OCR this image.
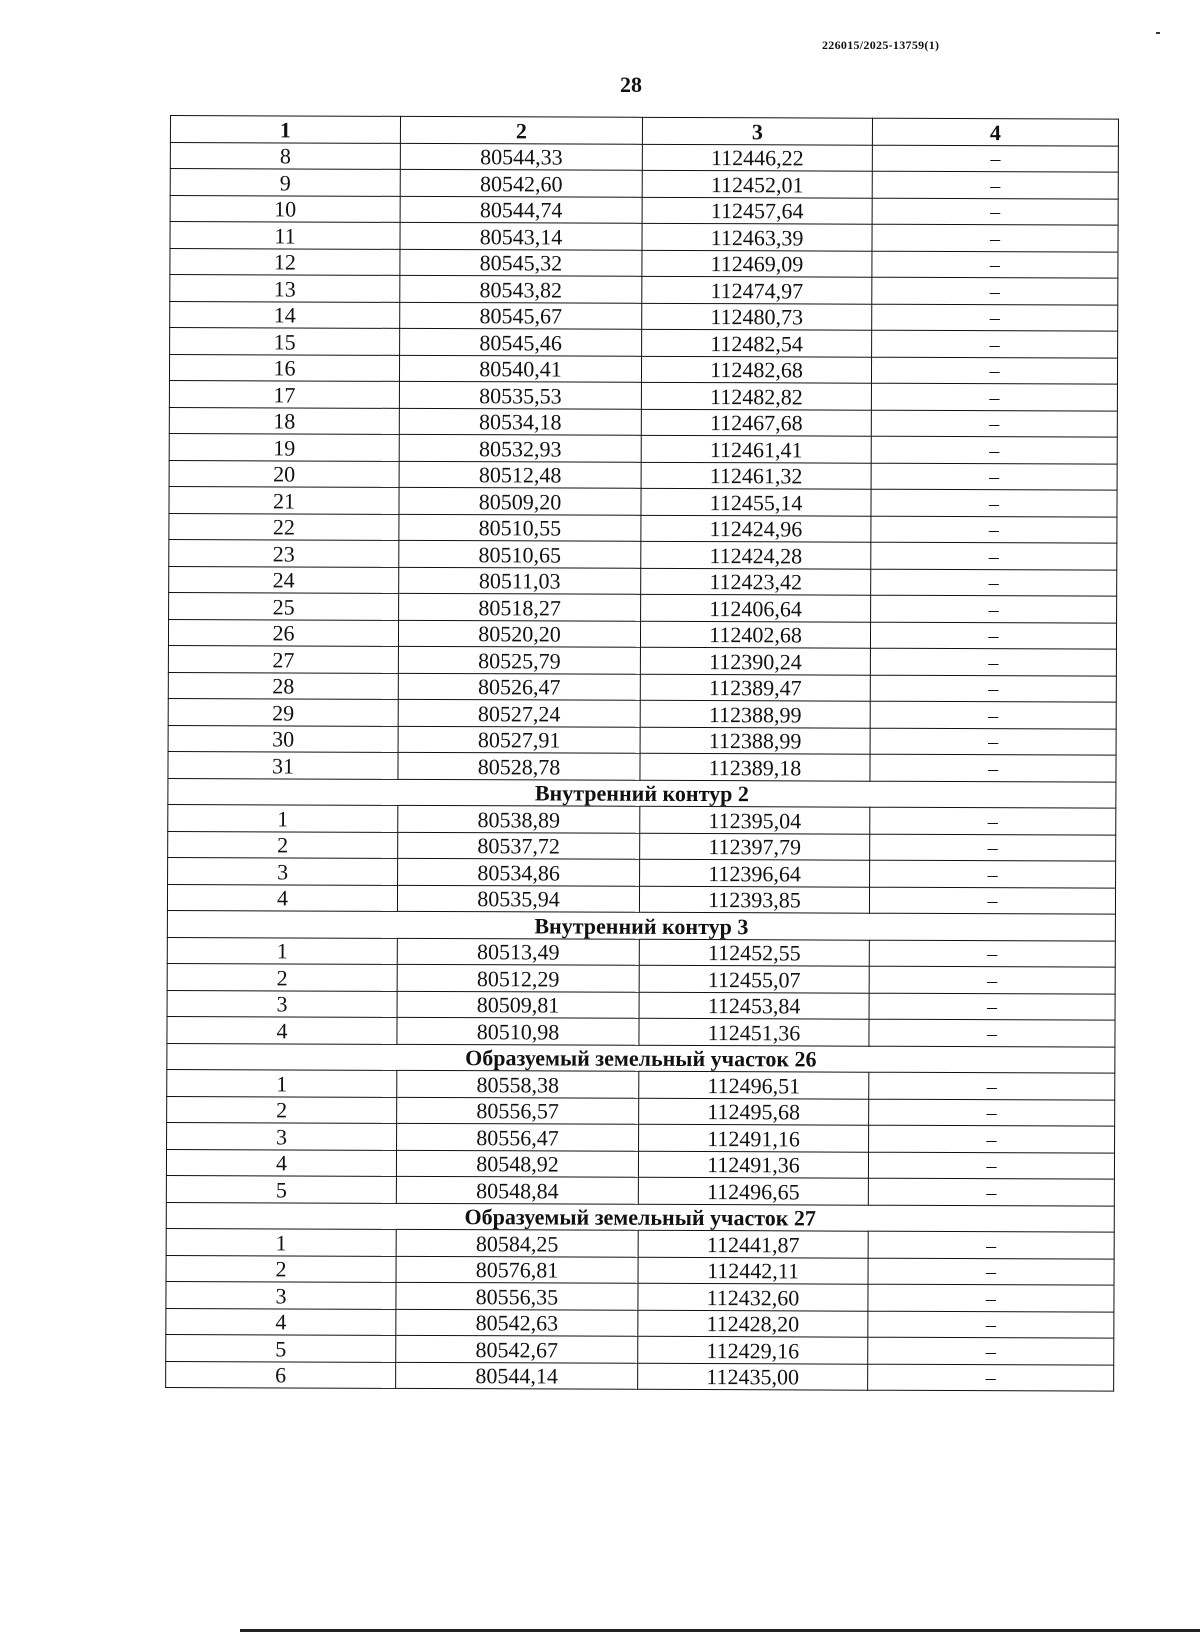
226015/2025-13759(1)
28
1	2	3	4
8	80544,33	112446,22	–
9	80542,60	112452,01	–
10	80544,74	112457,64	–
11	80543,14	112463,39	–
12	80545,32	112469,09	–
13	80543,82	112474,97	–
14	80545,67	112480,73	–
15	80545,46	112482,54	–
16	80540,41	112482,68	–
17	80535,53	112482,82	–
18	80534,18	112467,68	–
19	80532,93	112461,41	–
20	80512,48	112461,32	–
21	80509,20	112455,14	–
22	80510,55	112424,96	–
23	80510,65	112424,28	–
24	80511,03	112423,42	–
25	80518,27	112406,64	–
26	80520,20	112402,68	–
27	80525,79	112390,24	–
28	80526,47	112389,47	–
29	80527,24	112388,99	–
30	80527,91	112388,99	–
31	80528,78	112389,18	–
Внутренний контур 2			
1	80538,89	112395,04	–
2	80537,72	112397,79	–
3	80534,86	112396,64	–
4	80535,94	112393,85	–
Внутренний контур 3			
1	80513,49	112452,55	–
2	80512,29	112455,07	–
3	80509,81	112453,84	–
4	80510,98	112451,36	–
Образуемый земельный участок 26			
1	80558,38	112496,51	–
2	80556,57	112495,68	–
3	80556,47	112491,16	–
4	80548,92	112491,36	–
5	80548,84	112496,65	–
Образуемый земельный участок 27			
1	80584,25	112441,87	–
2	80576,81	112442,11	–
3	80556,35	112432,60	–
4	80542,63	112428,20	–
5	80542,67	112429,16	–
6	80544,14	112435,00	–
